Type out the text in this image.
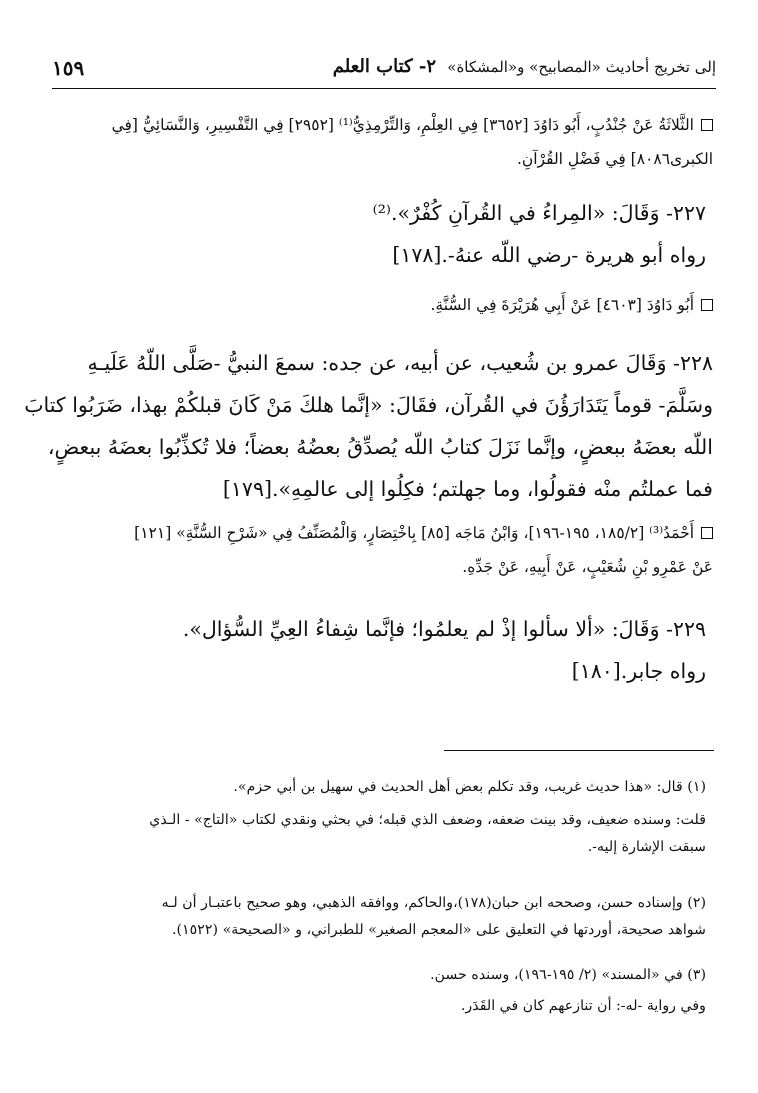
إلى تخريج أحاديث «المصابيح» و«المشكاة»
٢- كتاب العلم
١٥٩
الثَّلاثَةُ عَنْ جُنْدُبٍ، أَبُو دَاوُدَ [٣٦٥٢] فِي العِلْمِ، وَالتِّرْمِذِيُّ⁽¹⁾ [٢٩٥٢] فِي التَّفْسِيرِ، وَالنَّسَائِيُّ [فِي
الكبرى٨٠٨٦] فِي فَضْلِ القُرْآنِ.
٢٢٧- وَقَالَ: «المِراءُ في القُرآنِ كُفْرٌ».⁽²⁾
رواه أبو هريرة -رضي اللّه عنهُ-.[١٧٨]
أَبُو دَاوُدَ [٤٦٠٣] عَنْ أَبِي هُرَيْرَةَ فِي السُّنَّةِ.
٢٢٨- وَقَالَ عمرو بن شُعيب، عن أبيه، عن جده: سمعَ النبيُّ -صَلَّى اللّهُ عَلَيـهِ
وسَلَّمَ- قوماً يَتَدَارَؤُنَ في القُرآن، فقَالَ: «إنَّما هلكَ مَنْ كَانَ قبلكُمْ بهذا، ضَرَبُوا كتابَ
اللّه بعضَهُ ببعضٍ، وإنَّما نَزَلَ كتابُ اللّه يُصدِّقُ بعضُهُ بعضاً؛ فلا تُكذِّبُوا بعضَهُ ببعضٍ،
فما عملتُم منْه فقولُوا، وما جهلتم؛ فكِلُوا إلى عالمِهِ».[١٧٩]
أَحْمَدُ⁽³⁾ [١٨٥/٢، ١٩٥-١٩٦]، وَابْنُ مَاجَه [٨٥] بِاخْتِصَارٍ، وَالْمُصَنِّفُ فِي «شَرْحِ السُّنَّةِ» [١٢١]
عَنْ عَمْرِو بْنِ شُعَيْبٍ، عَنْ أَبِيهِ، عَنْ جَدِّهِ.
٢٢٩- وَقَالَ: «ألا سألوا إذْ لم يعلمُوا؛ فإنَّما شِفاءُ العِيِّ السُّؤال».
رواه جابر.[١٨٠]
(١) قال: «هذا حديث غريب، وقد تكلم بعض أهل الحديث في سهيل بن أبي حزم».
قلت: وسنده ضعيف، وقد بينت ضعفه، وضعف الذي قبله؛ في بحثي ونقدي لكتاب «التاج» - الـذي
سبقت الإشارة إليه-.
(٢) وإسناده حسن، وصححه ابن حبان(١٧٨)،والحاكم، ووافقه الذهبي، وهو صحيح باعتبـار أن لـه
شواهد صحيحة، أوردتها في التعليق على «المعجم الصغير» للطبراني، و «الصحيحة» (١٥٢٢).
(٣) في «المسند» (٢/ ١٩٥-١٩٦)، وسنده حسن.
وفي رواية -له-: أن تنازعهم كان في القَدَر.
